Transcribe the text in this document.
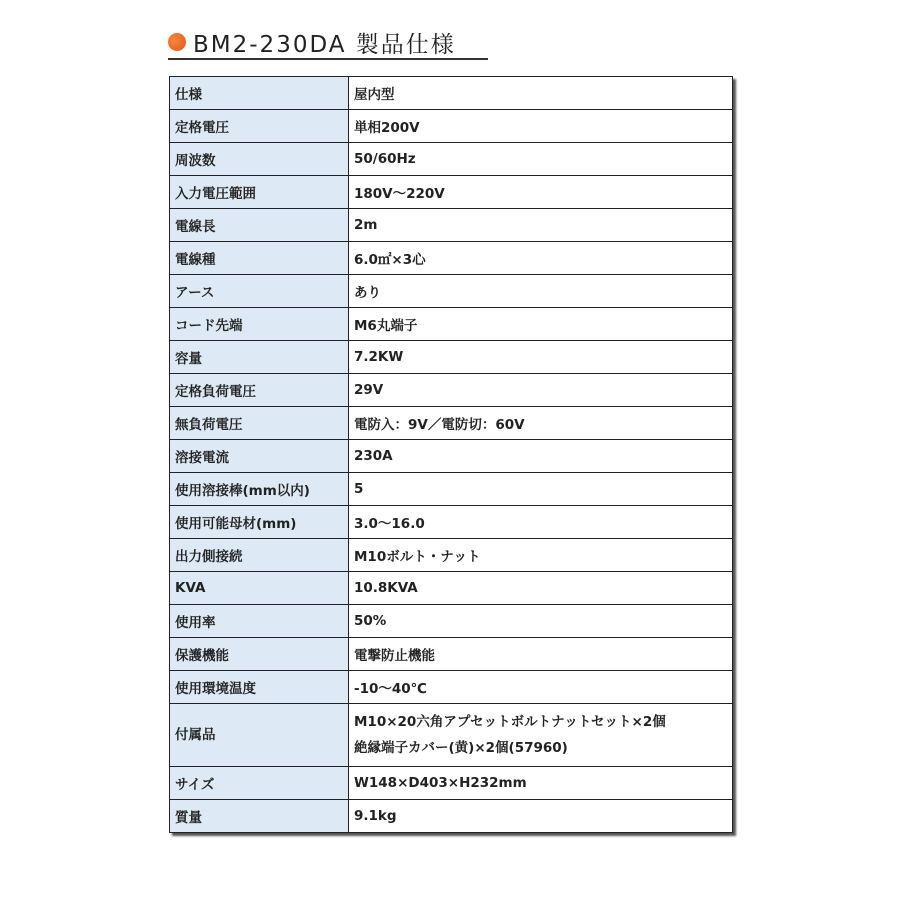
BM2-230DA 製品仕様
仕様	屋内型

定格電圧	単相200V

周波数	50/60Hz

入力電圧範囲	180V～220V

電線長	2m

電線種	6.0㎡×3心

アース	あり

コード先端	M6丸端子

容量	7.2KW

定格負荷電圧	29V

無負荷電圧	電防入：9V／電防切：60V

溶接電流	230A

使用溶接棒(mm以内)	5

使用可能母材(mm)	3.0～16.0

出力側接続	M10ボルト・ナット

KVA	10.8KVA

使用率	50%

保護機能	電撃防止機能

使用環境温度	-10～40℃

付属品	M10×20六角アプセットボルトナットセット×2個
絶縁端子カバー(黄)×2個(57960)

サイズ	W148×D403×H232mm

質量	9.1kg
